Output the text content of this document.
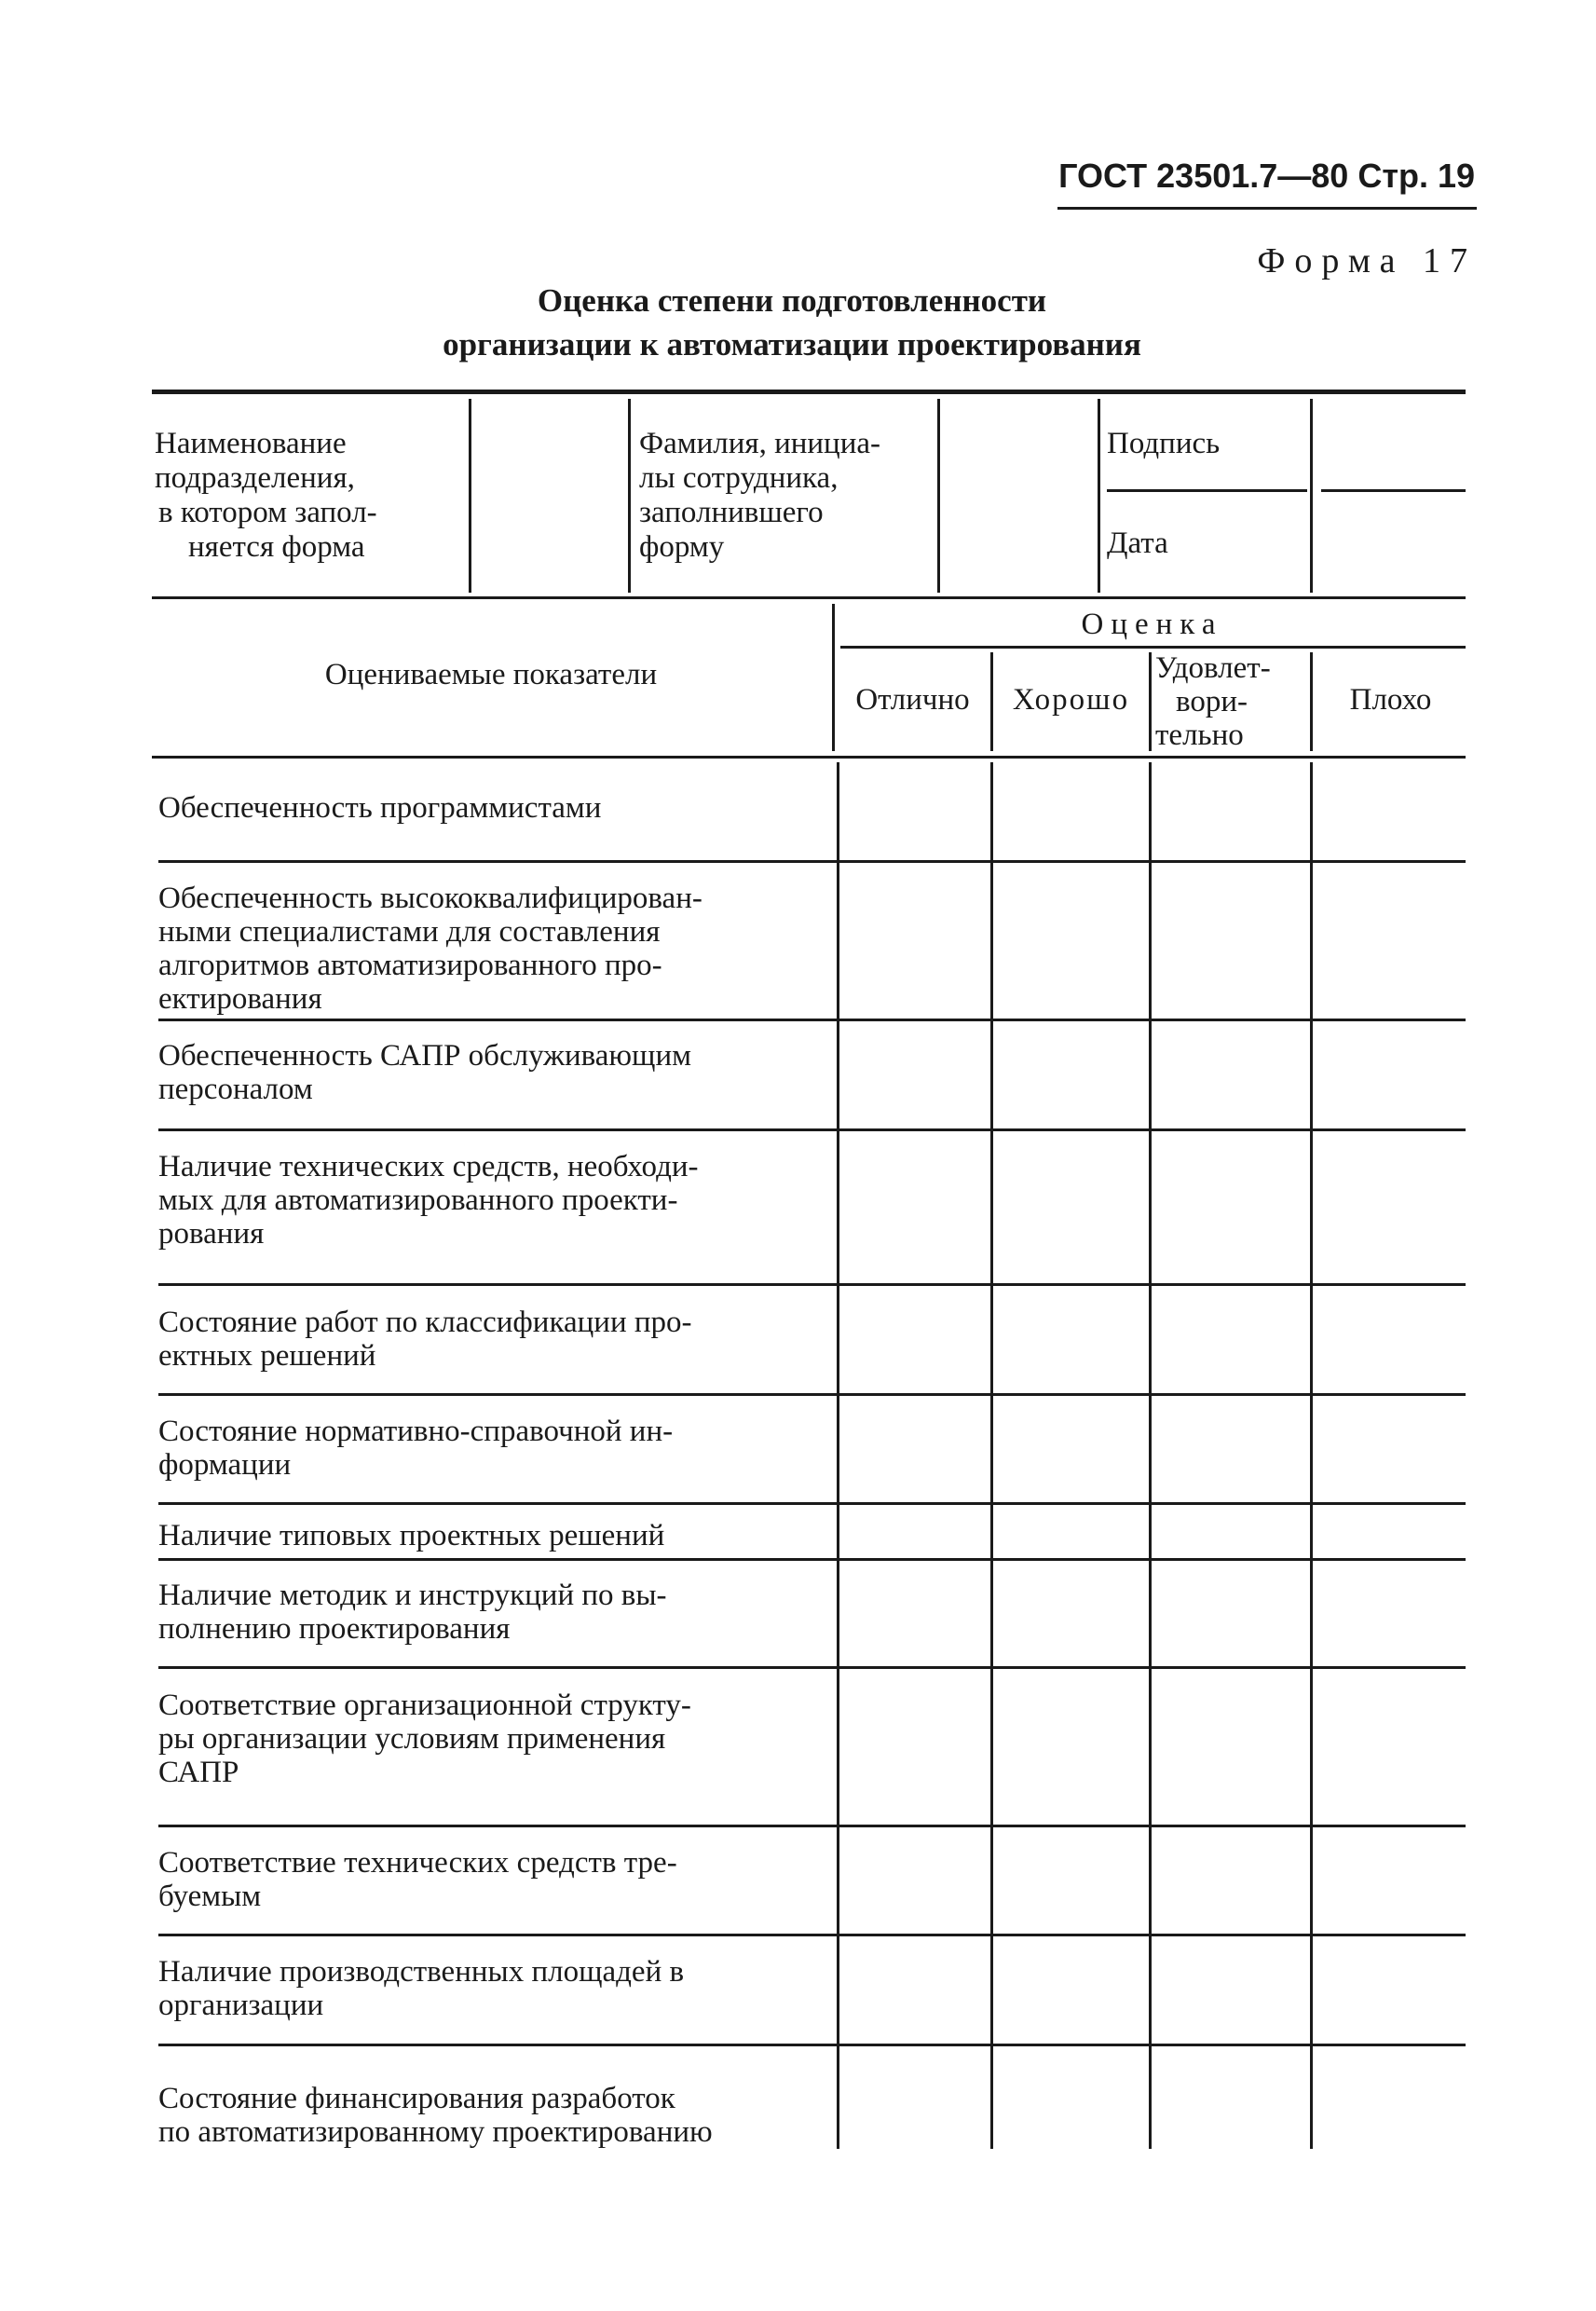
ГОСТ 23501.7—80 Стр. 19
Форма 17
Оценка степени подготовленности
организации к автоматизации проектирования
Наименование
подразделения,
в котором запол-
няется форма
Фамилия, инициа-
лы сотрудника,
заполнившего
форму
Подпись
Дата
Оцениваемые показатели
Оценка
Отлично	Хорошо
Удовлет-
вори-
тельно
Плохо
Обеспеченность программистами
Обеспеченность высококвалифицирован-
ными специалистами для составления
алгоритмов автоматизированного про-
ектирования
Обеспеченность САПР обслуживающим
персоналом
Наличие технических средств, необходи-
мых для автоматизированного проекти-
рования
Состояние работ по классификации про-
ектных решений
Состояние нормативно-справочной ин-
формации
Наличие типовых проектных решений
Наличие методик и инструкций по вы-
полнению проектирования
Соответствие организационной структу-
ры организации условиям применения
САПР
Соответствие технических средств тре-
буемым
Наличие производственных площадей в
организации
Состояние финансирования разработок
по автоматизированному проектированию
